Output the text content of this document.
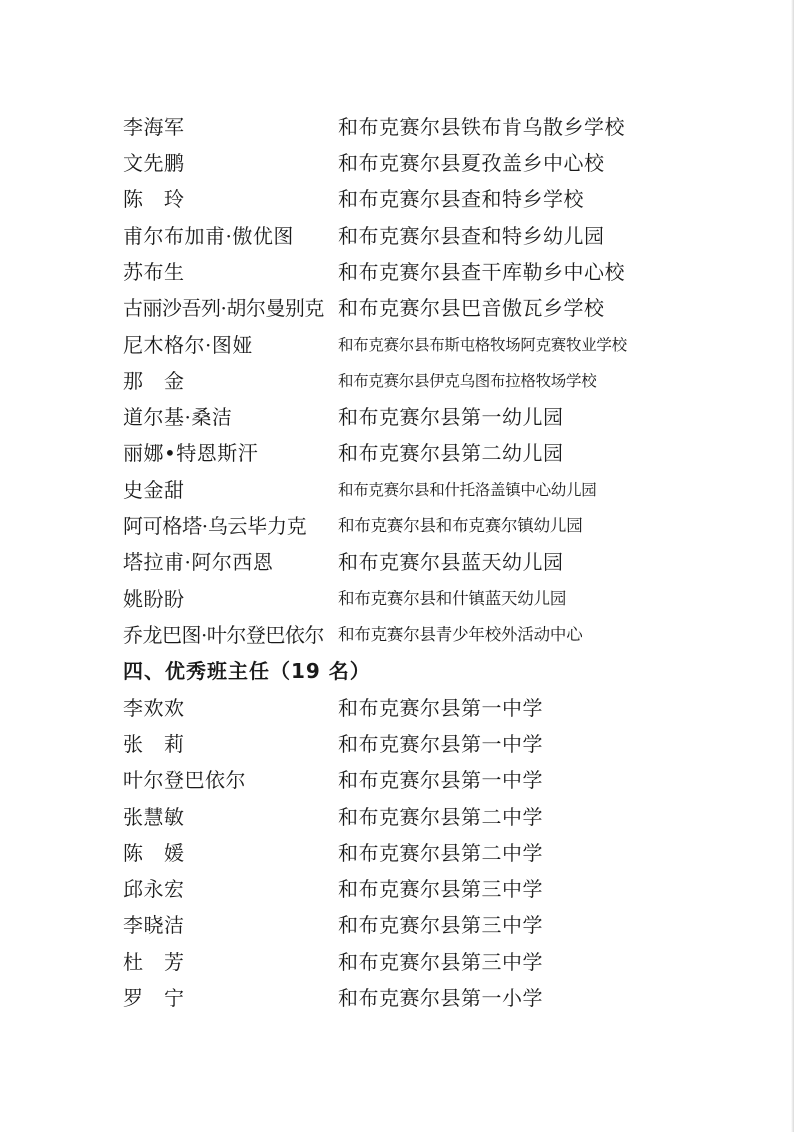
李海军	和布克赛尔县铁布肯乌散乡学校
文先鹏	和布克赛尔县夏孜盖乡中心校
陈　玲	和布克赛尔县查和特乡学校
甫尔布加甫·傲优图 和布克赛尔县查和特乡幼儿园
苏布生	和布克赛尔县查干库勒乡中心校
古丽沙吾列·胡尔曼别克 和布克赛尔县巴音傲瓦乡学校
尼木格尔·图娅	和布克赛尔县布斯屯格牧场阿克赛牧业学校
那　金	和布克赛尔县伊克乌图布拉格牧场学校
道尔基·桑洁	和布克赛尔县第一幼儿园
丽娜•特恩斯汗	和布克赛尔县第二幼儿园
史金甜	和布克赛尔县和什托洛盖镇中心幼儿园
阿可格塔·乌云毕力克 和布克赛尔县和布克赛尔镇幼儿园
塔拉甫·阿尔西恩	和布克赛尔县蓝天幼儿园
姚盼盼	和布克赛尔县和什镇蓝天幼儿园
乔龙巴图·叶尔登巴依尔 和布克赛尔县青少年校外活动中心
四、优秀班主任（19 名）
李欢欢	和布克赛尔县第一中学
张　莉	和布克赛尔县第一中学
叶尔登巴依尔	和布克赛尔县第一中学
张慧敏	和布克赛尔县第二中学
陈　媛	和布克赛尔县第二中学
邱永宏	和布克赛尔县第三中学
李晓洁	和布克赛尔县第三中学
杜　芳	和布克赛尔县第三中学
罗　宁	和布克赛尔县第一小学
